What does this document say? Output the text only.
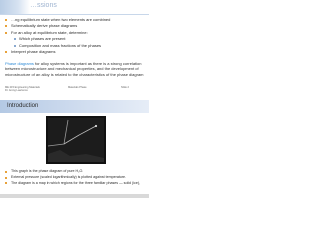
…ssions
…ng equilibrium state when two elements are combined
Schematically derive phase diagrams
For an alloy at equilibrium state, determine:
Which phases are present
Composition and mass fractions of the phases
Interpret phase diagrams
Phase diagrams for alloy systems is important as there is a strong correlation between microstructure and mechanical properties, and the development of microstructure of an alloy is related to the characteristics of the phase diagram
ME 215 Engineering Materials
Dr. Arong Lawrence
Materials Phase	Slide 2
Introduction
This graph is the phase diagram of pure H₂O.
External pressure (scaled logarithmically) is plotted against temperature.
The diagram is a map in which regions for the three familiar phases — solid (ice),
